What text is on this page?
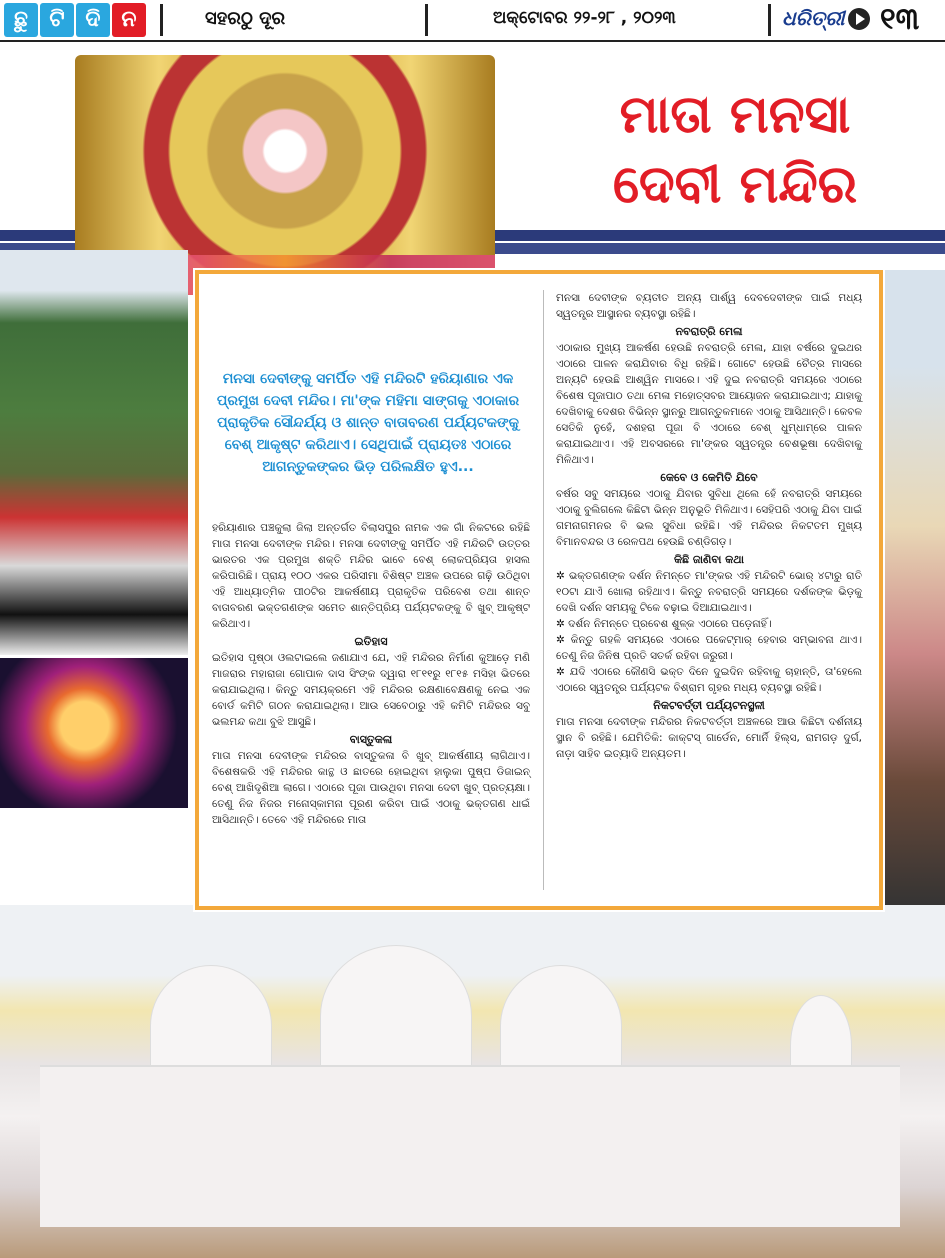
ଛୁ ଟି ଦି ନ	ସହରଠୁ ଦୂର	ଅକ୍ଟୋବର ୨୨-୨୮ , ୨୦୨୩	ଧରିତ୍ରୀ ୧୩
ମାତା ମନସା
ଦେବୀ ମନ୍ଦିର
ମନସା ଦେବୀଙ୍କୁ ସମର୍ପିତ ଏହି ମନ୍ଦିରଟି ହରିୟାଣାର ଏକ ପ୍ରମୁଖ ଦେବୀ ମନ୍ଦିର। ମା'ଙ୍କ ମହିମା ସାଙ୍ଗକୁ ଏଠାକାର ପ୍ରାକୃତିକ ସୌନ୍ଦର୍ଯ୍ୟ ଓ ଶାନ୍ତ ବାତାବରଣ ପର୍ଯ୍ୟଟକଙ୍କୁ ବେଶ୍ ଆକୃଷ୍ଟ କରିଥାଏ। ସେଥିପାଇଁ ପ୍ରାୟତଃ ଏଠାରେ ଆଗନ୍ତୁକଙ୍କର ଭିଡ଼ ପରିଲକ୍ଷିତ ହୁଏ...

ହରିୟାଣାର ପଞ୍ଚକୁଲା ଜିଲା ଅନ୍ତର୍ଗତ ବିଲାସପୁର ନାମକ ଏକ ଗାଁ ନିକଟରେ ରହିଛି ମାତା ମନସା ଦେବୀଙ୍କ ମନ୍ଦିର। ମନସା ଦେବୀଙ୍କୁ ସମର୍ପିତ ଏହି ମନ୍ଦିରଟି ଉତ୍ତର ଭାରତର ଏକ ପ୍ରମୁଖ ଶକ୍ତି ମନ୍ଦିର ଭାବେ ବେଶ୍ ଲୋକପ୍ରିୟତା ହାସଲ କରିପାରିଛି। ପ୍ରାୟ ୧୦୦ ଏକର ପରିସୀମା ବିଶିଷ୍ଟ ଅଞ୍ଚଳ ଉପରେ ଗଢ଼ି ଉଠିଥିବା ଏହି ଆଧ୍ୟାତ୍ମିକ ପୀଠଟିର ଆକର୍ଷଣୀୟ ପ୍ରାକୃତିକ ପରିବେଶ ତଥା ଶାନ୍ତ ବାତାବରଣ ଭକ୍ତଗଣଙ୍କ ସମେତ ଶାନ୍ତିପ୍ରିୟ ପର୍ଯ୍ୟଟକଙ୍କୁ ବି ଖୁବ୍ ଆକୃଷ୍ଟ କରିଥାଏ।

ଇତିହାସ

ଇତିହାସ ପୃଷ୍ଠା ଓଲଟାଇଲେ ଜଣାଯାଏ ଯେ, ଏହି ମନ୍ଦିରର ନିର୍ମାଣ କୁଆଡ଼େ ମଣି ମାଜରାର ମହାରାଜା ଗୋପାଳ ଦାସ ସିଂଙ୍କ ଦ୍ୱାରା ୧୮୧୧ରୁ ୧୮୧୫ ମସିହା ଭିତରେ କରାଯାଇଥିଲା। କିନ୍ତୁ ସମୟକ୍ରମେ ଏହି ମନ୍ଦିରର ରକ୍ଷଣାବେକ୍ଷଣକୁ ନେଇ ଏକ ବୋର୍ଡ କମିଟି ଗଠନ କରାଯାଇଥିଲା। ଆଉ ସେବେଠାରୁ ଏହି କମିଟି ମନ୍ଦିରର ସବୁ ଭଲମନ୍ଦ କଥା ବୁଝି ଆସୁଛି।

ବାସ୍ତୁକଳା

ମାତା ମନସା ଦେବୀଙ୍କ ମନ୍ଦିରର ବାସ୍ତୁକଳା ବି ଖୁବ୍ ଆକର୍ଷଣୀୟ ଲାଗିଥାଏ। ବିଶେଷକରି ଏହି ମନ୍ଦିରର କାନ୍ଥ ଓ ଛାତରେ ହୋଇଥିବା ହାଲୁକା ପୁଷ୍ପ ଡିଜାଇନ୍ ବେଶ୍ ଆଖିଦୃଶିଆ ଲାଗେ। ଏଠାରେ ପୂଜା ପାଉଥିବା ମନସା ଦେବୀ ଖୁବ୍ ପ୍ରତ୍ୟକ୍ଷା। ତେଣୁ ନିଜ ନିଜର ମନୋସ୍କାମନା ପୂରଣ କରିବା ପାଇଁ ଏଠାକୁ ଭକ୍ତଗଣ ଧାଇଁ ଆସିଥାନ୍ତି। ତେବେ ଏହି ମନ୍ଦିରରେ ମାତା

ମନସା ଦେବୀଙ୍କ ବ୍ୟତୀତ ଅନ୍ୟ ପାର୍ଶ୍ୱ ଦେବଦେବୀଙ୍କ ପାଇଁ ମଧ୍ୟ ସ୍ୱତନ୍ତ୍ର ଆସ୍ଥାନର ବ୍ୟବସ୍ଥା ରହିଛି।

ନବରାତ୍ରି ମେଳା

ଏଠାକାର ମୁଖ୍ୟ ଆକର୍ଷଣ ହେଉଛି ନବରାତ୍ରି ମେଳା, ଯାହା ବର୍ଷରେ ଦୁଇଥର ଏଠାରେ ପାଳନ କରାଯିବାର ବିଧି ରହିଛି। ଗୋଟେ ହେଉଛି ଚୈତ୍ର ମାସରେ ଅନ୍ୟଟି ହେଉଛି ଆଶ୍ୱିନ ମାସରେ। ଏହି ଦୁଇ ନବରାତ୍ରି ସମୟରେ ଏଠାରେ ବିଶେଷ ପୂଜାପାଠ ତଥା ମେଳା ମହୋତ୍ସବର ଆୟୋଜନ କରାଯାଇଥାଏ; ଯାହାକୁ ଦେଖିବାକୁ ଦେଶର ବିଭିନ୍ନ ସ୍ଥାନରୁ ଆଗନ୍ତୁକମାନେ ଏଠାକୁ ଆସିଥାନ୍ତି। କେବଳ ସେତିକି ନୁହେଁ, ଦଶହରା ପୂଜା ବି ଏଠାରେ ବେଶ୍ ଧୁମ୍ଧାମ୍‌ରେ ପାଳନ କରାଯାଇଥାଏ। ଏହି ଅବସରରେ ମା'ଙ୍କର ସ୍ୱତନ୍ତ୍ର ବେଶଭୂଷା ଦେଖିବାକୁ ମିଳିଥାଏ।

କେବେ ଓ କେମିତି ଯିବେ

ବର୍ଷର ସବୁ ସମୟରେ ଏଠାକୁ ଯିବାର ସୁବିଧା ଥିଲେ ହେଁ ନବରାତ୍ରି ସମୟରେ ଏଠାକୁ ବୁଲିଗଲେ କିଛିଟା ଭିନ୍ନ ଅନୁଭୂତି ମିଳିଥାଏ। ସେହିପରି ଏଠାକୁ ଯିବା ପାଇଁ ଗମନାଗମନର ବି ଭଲ ସୁବିଧା ରହିଛି। ଏହି ମନ୍ଦିରର ନିକଟତମ ମୁଖ୍ୟ ବିମାନବନ୍ଦର ଓ ରେଳପଥ ହେଉଛି ଚଣ୍ଡିଗଡ଼।

କିଛି ଜାଣିବା କଥା

✲ ଭକ୍ତଗଣଙ୍କ ଦର୍ଶନ ନିମନ୍ତେ ମା'ଙ୍କର ଏହି ମନ୍ଦିରଟି ଭୋର୍ ୪ଟାରୁ ରାତି ୧୦ଟା ଯାଏଁ ଖୋଲା ରହିଥାଏ। କିନ୍ତୁ ନବରାତ୍ରି ସମୟରେ ଦର୍ଶକଙ୍କ ଭିଡ଼କୁ ଦେଖି ଦର୍ଶନ ସମୟକୁ ଟିକେ ବଢ଼ାଇ ଦିଆଯାଇଥାଏ।

✲ ଦର୍ଶନ ନିମନ୍ତେ ପ୍ରବେଶ ଶୁଳ୍କ ଏଠାରେ ପଡ଼େନାହିଁ।

✲ କିନ୍ତୁ ଗହଳି ସମୟରେ ଏଠାରେ ପକେଟ୍‌ମାର୍ ହେବାର ସମ୍ଭାବନା ଥାଏ। ତେଣୁ ନିଜ ଜିନିଷ ପ୍ରତି ସତର୍କ ରହିବା ଜରୁରୀ।

✲ ଯଦି ଏଠାରେ କୌଣସି ଭକ୍ତ ଦିନେ ଦୁଇଦିନ ରହିବାକୁ ଚାହାନ୍ତି, ତା'ହେଲେ ଏଠାରେ ସ୍ୱତନ୍ତ୍ର ପର୍ଯ୍ୟଟକ ବିଶ୍ରାମ ଗୃହର ମଧ୍ୟ ବ୍ୟବସ୍ଥା ରହିଛି।

ନିକଟବର୍ତ୍ତୀ ପର୍ଯ୍ୟଟନସ୍ଥଳୀ

ମାତା ମନସା ଦେବୀଙ୍କ ମନ୍ଦିରର ନିକଟବର୍ତ୍ତୀ ଅଞ୍ଚଳରେ ଆଉ କିଛିଟା ଦର୍ଶନୀୟ ସ୍ଥାନ ବି ରହିଛି। ଯେମିତିକି: କାକ୍ଟସ୍ ଗାର୍ଡେନ, ମୋର୍ନି ହିଲ୍ସ, ରାମଗଡ଼ ଦୁର୍ଗ, ନାଡ଼ା ସାହିବ ଇତ୍ୟାଦି ଅନ୍ୟତମ।
